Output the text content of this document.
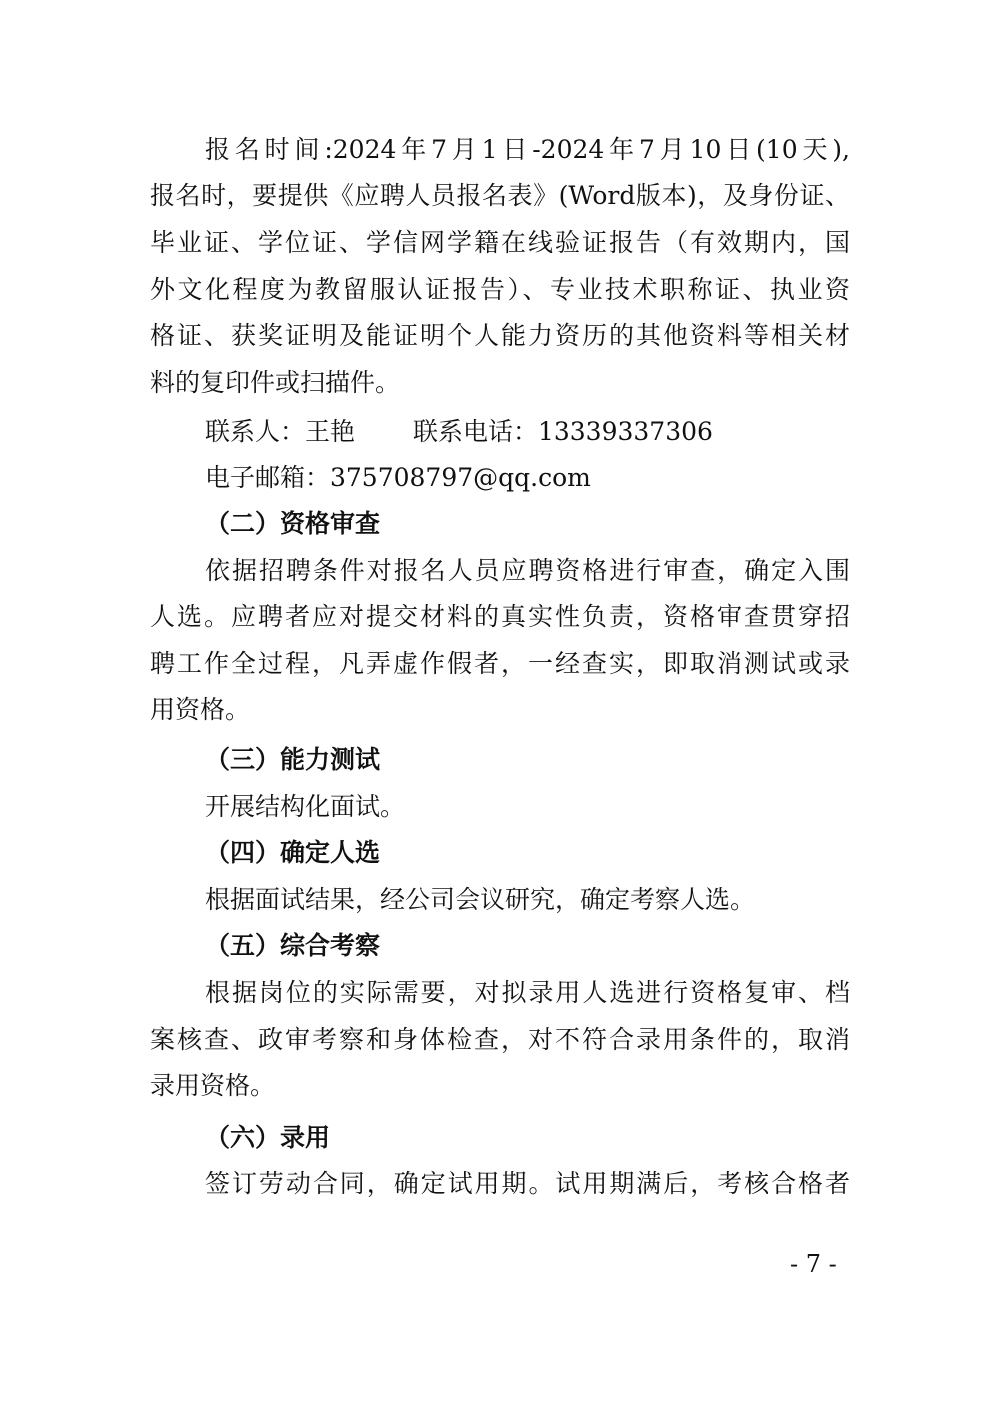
报名时间:2024年7月1日-2024年7月10日(10天),
报名时，要提供《应聘人员报名表》(Word版本)，及身份证、
毕业证、学位证、学信网学籍在线验证报告（有效期内，国
外文化程度为教留服认证报告）、专业技术职称证、执业资
格证、获奖证明及能证明个人能力资历的其他资料等相关材
料的复印件或扫描件。
联系人：王艳　　 联系电话：13339337306
电子邮箱：375708797@qq.com
（二）资格审查
依据招聘条件对报名人员应聘资格进行审查，确定入围
人选。应聘者应对提交材料的真实性负责，资格审查贯穿招
聘工作全过程，凡弄虚作假者，一经查实，即取消测试或录
用资格。
（三）能力测试
开展结构化面试。
（四）确定人选
根据面试结果，经公司会议研究，确定考察人选。
（五）综合考察
根据岗位的实际需要，对拟录用人选进行资格复审、档
案核查、政审考察和身体检查，对不符合录用条件的，取消
录用资格。
（六）录用
签订劳动合同，确定试用期。试用期满后，考核合格者
- 7 -
